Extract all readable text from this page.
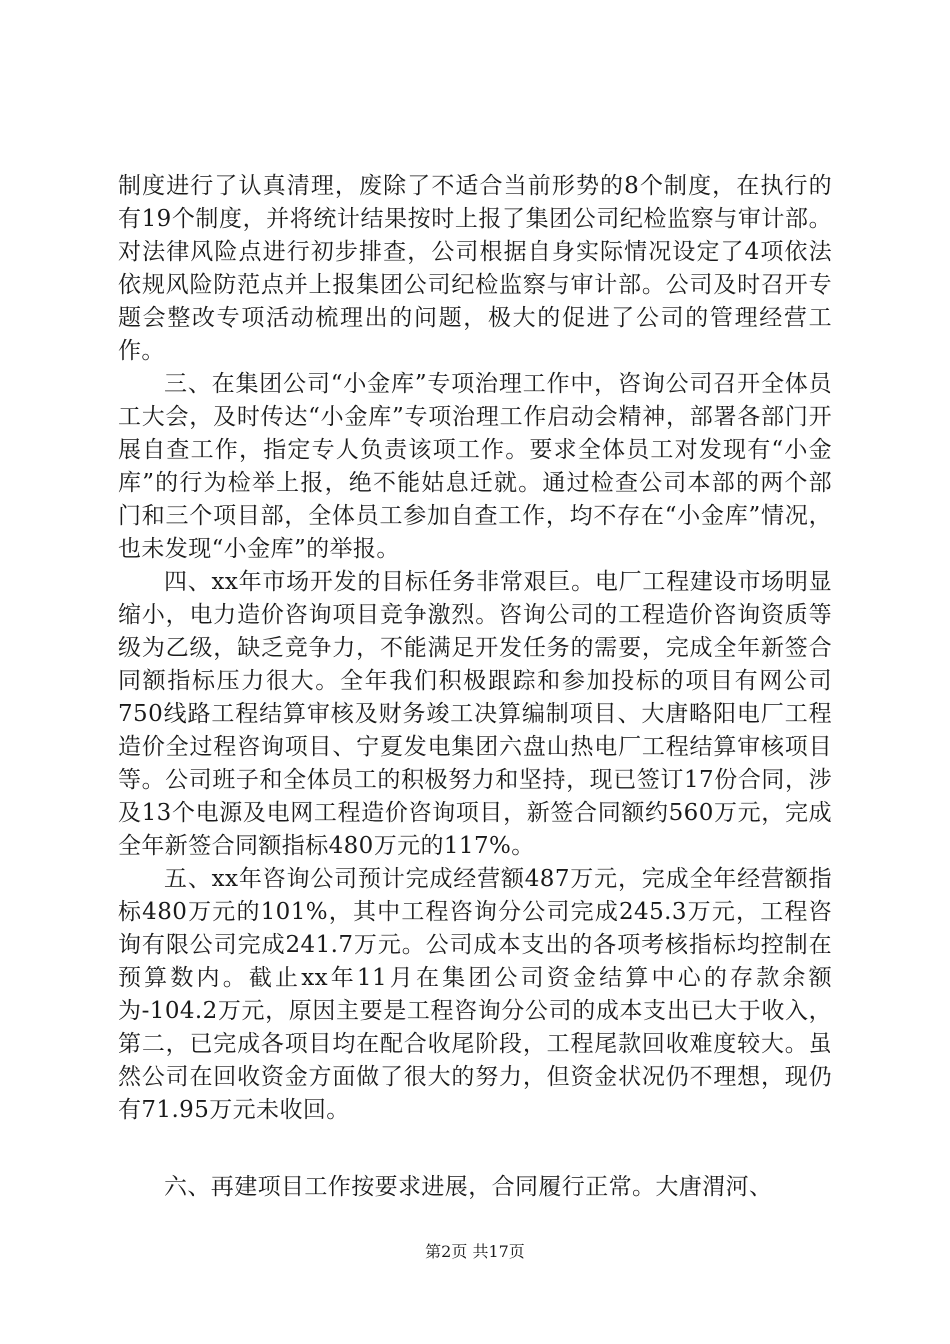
制度进行了认真清理，废除了不适合当前形势的8个制度，在执行的有19个制度，并将统计结果按时上报了集团公司纪检监察与审计部。对法律风险点进行初步排查，公司根据自身实际情况设定了4项依法依规风险防范点并上报集团公司纪检监察与审计部。公司及时召开专题会整改专项活动梳理出的问题，极大的促进了公司的管理经营工作。

三、在集团公司“小金库”专项治理工作中，咨询公司召开全体员工大会，及时传达“小金库”专项治理工作启动会精神，部署各部门开展自查工作，指定专人负责该项工作。要求全体员工对发现有“小金库”的行为检举上报，绝不能姑息迁就。通过检查公司本部的两个部门和三个项目部，全体员工参加自查工作，均不存在“小金库”情况，也未发现“小金库”的举报。

四、xx年市场开发的目标任务非常艰巨。电厂工程建设市场明显缩小，电力造价咨询项目竞争激烈。咨询公司的工程造价咨询资质等级为乙级，缺乏竞争力，不能满足开发任务的需要，完成全年新签合同额指标压力很大。全年我们积极跟踪和参加投标的项目有网公司750线路工程结算审核及财务竣工决算编制项目、大唐略阳电厂工程造价全过程咨询项目、宁夏发电集团六盘山热电厂工程结算审核项目等。公司班子和全体员工的积极努力和坚持，现已签订17份合同，涉及13个电源及电网工程造价咨询项目，新签合同额约560万元，完成全年新签合同额指标480万元的117%。

五、xx年咨询公司预计完成经营额487万元，完成全年经营额指标480万元的101%，其中工程咨询分公司完成245.3万元，工程咨询有限公司完成241.7万元。公司成本支出的各项考核指标均控制在预算数内。截止xx年11月在集团公司资金结算中心的存款余额为-104.2万元，原因主要是工程咨询分公司的成本支出已大于收入，第二，已完成各项目均在配合收尾阶段，工程尾款回收难度较大。虽然公司在回收资金方面做了很大的努力，但资金状况仍不理想，现仍有71.95万元未收回。

六、再建项目工作按要求进展，合同履行正常。大唐渭河、

第2页 共17页
